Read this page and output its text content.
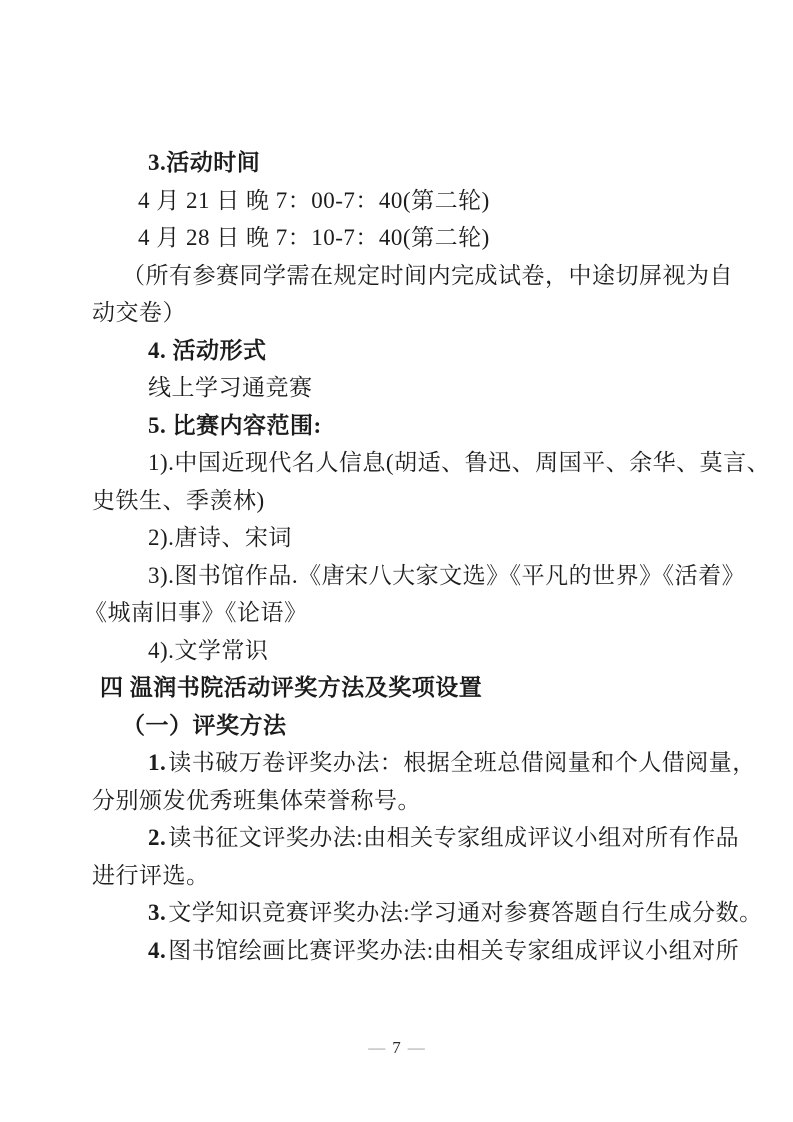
3.活动时间
4 月 21 日 晚 7：00-7：40(第二轮)
4 月 28 日 晚 7：10-7：40(第二轮)
（所有参赛同学需在规定时间内完成试卷，中途切屏视为自
动交卷）
4. 活动形式
线上学习通竞赛
5. 比赛内容范围:
1).中国近现代名人信息(胡适、鲁迅、周国平、余华、莫言、
史铁生、季羡林)
2).唐诗、宋词
3).图书馆作品.《唐宋八大家文选》《平凡的世界》《活着》
《城南旧事》《论语》
4).文学常识
四 温润书院活动评奖方法及奖项设置
（一）评奖方法
1.读书破万卷评奖办法：根据全班总借阅量和个人借阅量，
分别颁发优秀班集体荣誉称号。
2.读书征文评奖办法:由相关专家组成评议小组对所有作品
进行评选。
3.文学知识竞赛评奖办法:学习通对参赛答题自行生成分数。
4.图书馆绘画比赛评奖办法:由相关专家组成评议小组对所
— 7 —
